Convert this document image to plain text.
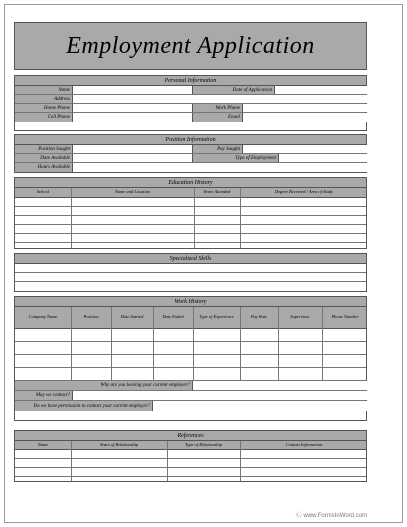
Employment Application
Personal Information
Name	Date of Application
Address
Home Phone	Work Phone
Cell Phone	Email
Position Information
Position Sought	Pay Sought
Date Available	Type of Employment
Hours Available
Education History
School	Name and Location	Years Attended	Degree Received / Area of Study
Specialized Skills
Work History
Company Name	Position	Date Started	Date Ended	Type of Experience	Pay Rate	Supervisor	Phone Number
Why are you leaving your current employer?
May we contact?
Do we have permission to contact your current employer?
References
Name	Years of Relationship	Type of Relationship	Contact Information
Ⓒ www.FormsInWord.com
